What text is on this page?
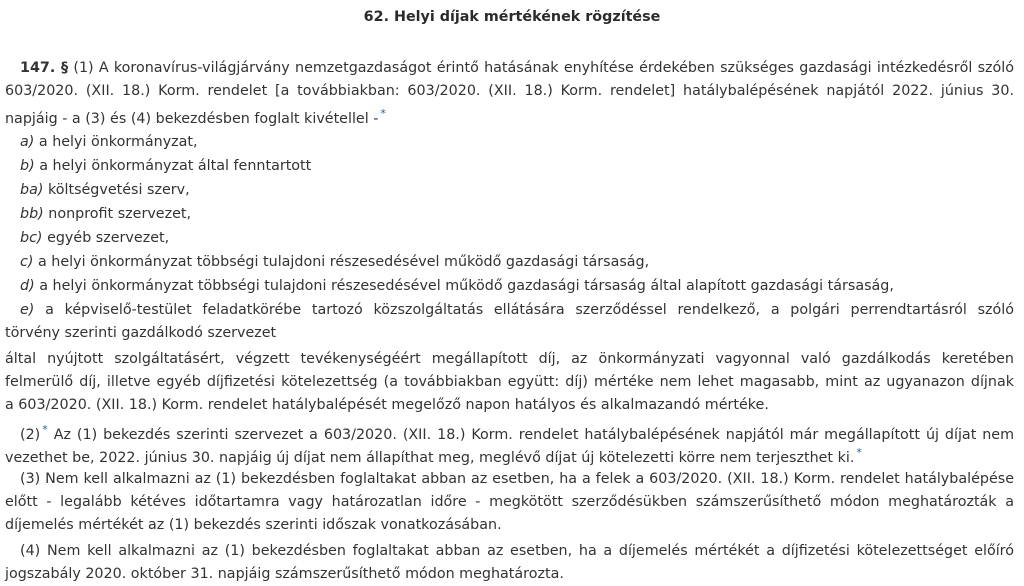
62. Helyi díjak mértékének rögzítése
147. § (1) A koronavírus-világjárvány nemzetgazdaságot érintő hatásának enyhítése érdekében szükséges gazdasági intézkedésről szóló
603/2020. (XII. 18.) Korm. rendelet [a továbbiakban: 603/2020. (XII. 18.) Korm. rendelet] hatálybalépésének napjától 2022. június 30.
napjáig - a (3) és (4) bekezdésben foglalt kivétellel - *
a) a helyi önkormányzat,
b) a helyi önkormányzat által fenntartott
ba) költségvetési szerv,
bb) nonprofit szervezet,
bc) egyéb szervezet,
c) a helyi önkormányzat többségi tulajdoni részesedésével működő gazdasági társaság,
d) a helyi önkormányzat többségi tulajdoni részesedésével működő gazdasági társaság által alapított gazdasági társaság,
e) a képviselő-testület feladatkörébe tartozó közszolgáltatás ellátására szerződéssel rendelkező, a polgári perrendtartásról szóló
törvény szerinti gazdálkodó szervezet
által nyújtott szolgáltatásért, végzett tevékenységéért megállapított díj, az önkormányzati vagyonnal való gazdálkodás keretében
felmerülő díj, illetve egyéb díjfizetési kötelezettség (a továbbiakban együtt: díj) mértéke nem lehet magasabb, mint az ugyanazon díjnak
a 603/2020. (XII. 18.) Korm. rendelet hatálybalépését megelőző napon hatályos és alkalmazandó mértéke.
(2) * Az (1) bekezdés szerinti szervezet a 603/2020. (XII. 18.) Korm. rendelet hatálybalépésének napjától már megállapított új díjat nem
vezethet be, 2022. június 30. napjáig új díjat nem állapíthat meg, meglévő díjat új kötelezetti körre nem terjeszthet ki. *
(3) Nem kell alkalmazni az (1) bekezdésben foglaltakat abban az esetben, ha a felek a 603/2020. (XII. 18.) Korm. rendelet hatálybalépése
előtt - legalább kétéves időtartamra vagy határozatlan időre - megkötött szerződésükben számszerűsíthető módon meghatározták a
díjemelés mértékét az (1) bekezdés szerinti időszak vonatkozásában.
(4) Nem kell alkalmazni az (1) bekezdésben foglaltakat abban az esetben, ha a díjemelés mértékét a díjfizetési kötelezettséget előíró
jogszabály 2020. október 31. napjáig számszerűsíthető módon meghatározta.
